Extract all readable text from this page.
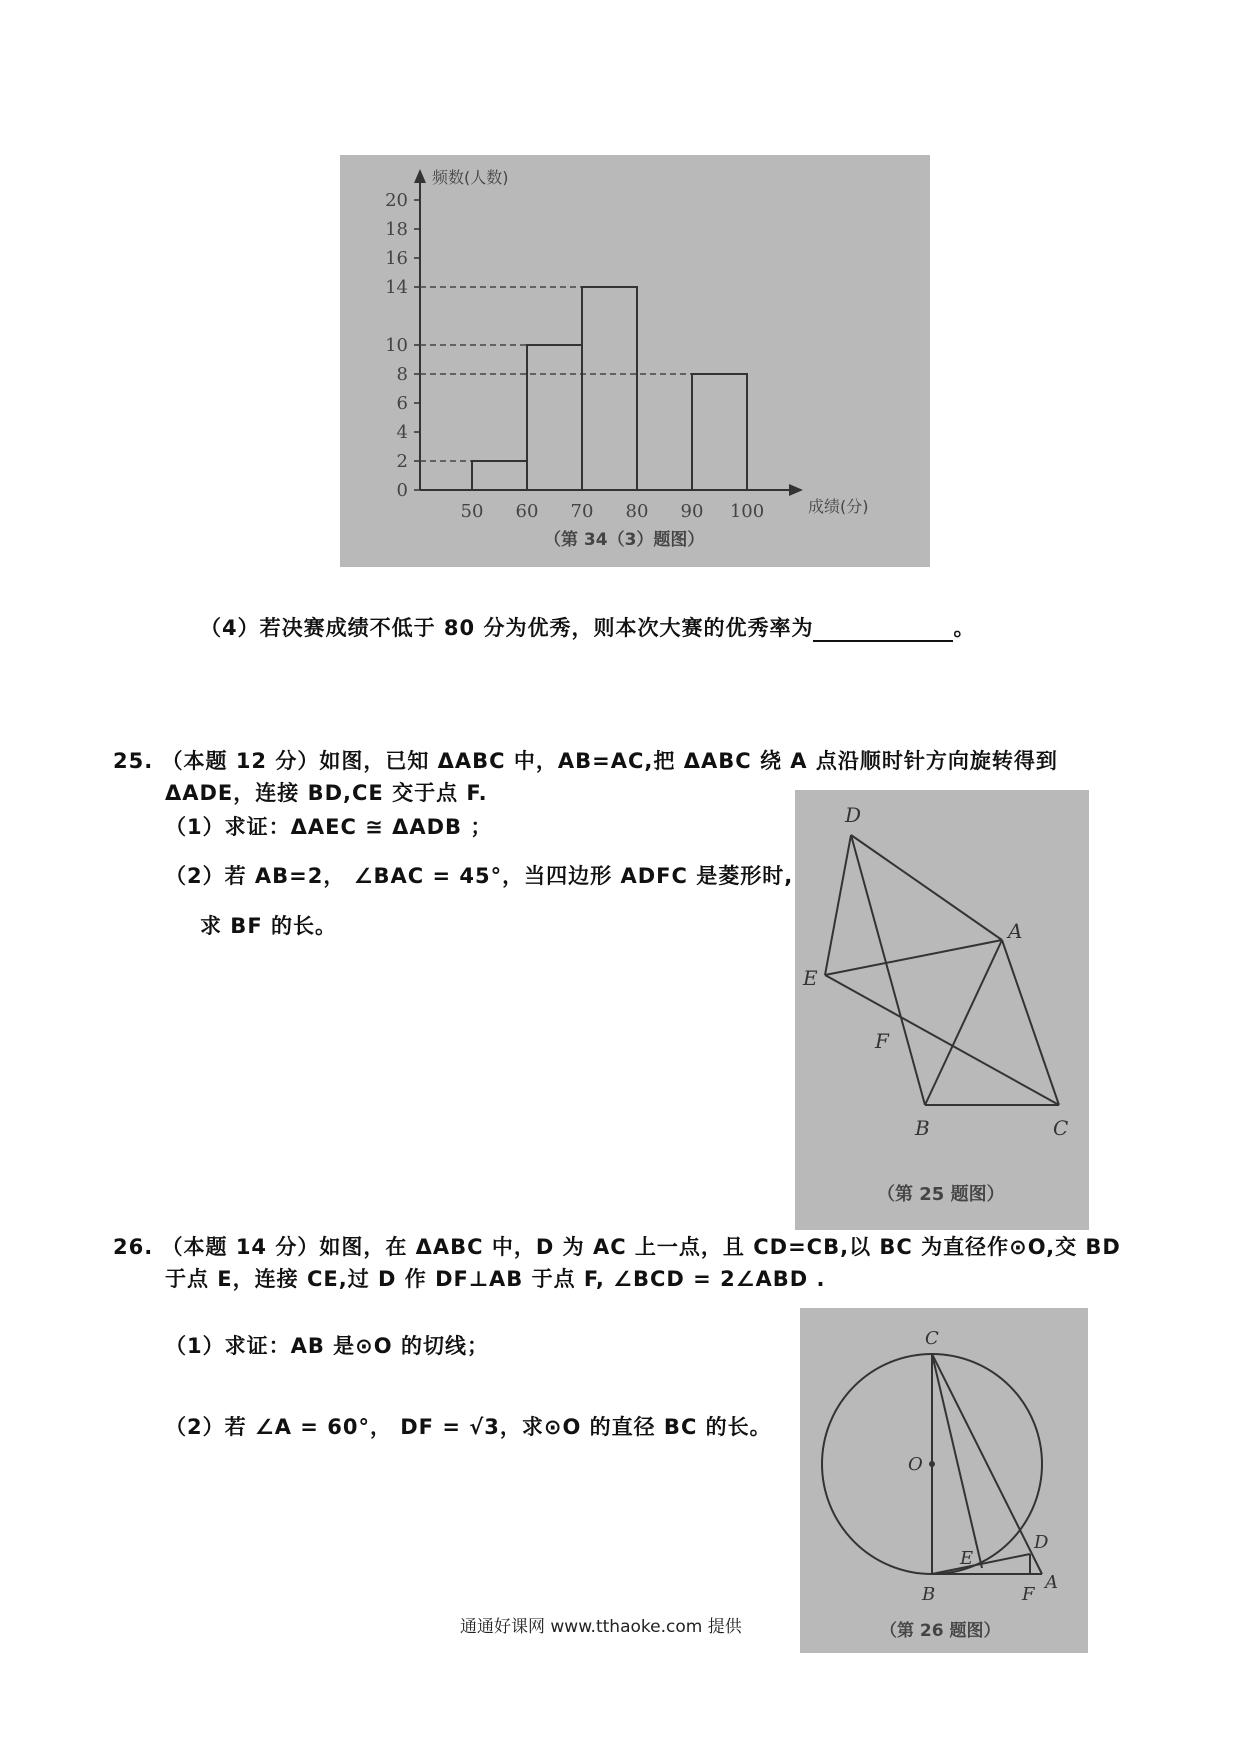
频数(人数)
成绩(分)
（第 34（3）题图）
0
2
4
6
8
10
14
16
18
20
50 60 70 80 90 100
（4）若决赛成绩不低于 80 分为优秀，则本次大赛的优秀率为	。
25. （本题 12 分）如图，已知 ΔABC 中，AB=AC,把 ΔABC 绕 A 点沿顺时针方向旋转得到
ΔADE，连接 BD,CE 交于点 F.
（1）求证：ΔAEC ≅ ΔADB ；
（2）若 AB=2， ∠BAC = 45°，当四边形 ADFC 是菱形时,
求 BF 的长。
D
A
E
F
B	C
（第 25 题图）
26. （本题 14 分）如图，在 ΔABC 中，D 为 AC 上一点，且 CD=CB,以 BC 为直径作⊙O,交 BD
于点 E，连接 CE,过 D 作 DF⊥AB 于点 F, ∠BCD = 2∠ABD .
（1）求证：AB 是⊙O 的切线；
（2）若 ∠A = 60°， DF = √3，求⊙O 的直径 BC 的长。
C
O
D
E
B	F
A
（第 26 题图）
通通好课网 www.tthaoke.com 提供
